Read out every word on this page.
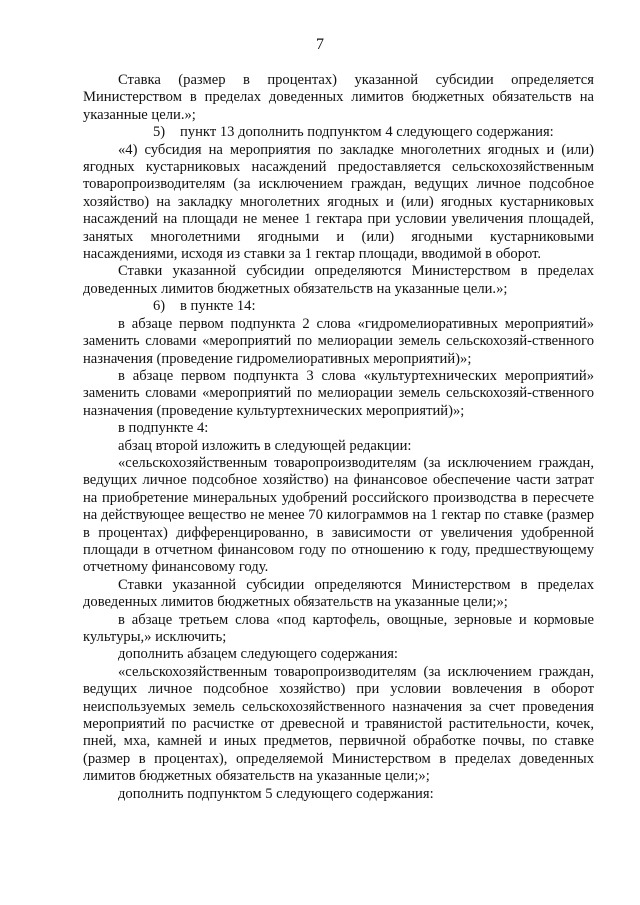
7

Ставка (размер в процентах) указанной субсидии определяется Министерством в пределах доведенных лимитов бюджетных обязательств на указанные цели.»;

5) пункт 13 дополнить подпунктом 4 следующего содержания:

«4) субсидия на мероприятия по закладке многолетних ягодных и (или) ягодных кустарниковых насаждений предоставляется сельскохозяйственным товаропроизводителям (за исключением граждан, ведущих личное подсобное хозяйство) на закладку многолетних ягодных и (или) ягодных кустарниковых насаждений на площади не менее 1 гектара при условии увеличения площадей, занятых многолетними ягодными и (или) ягодными кустарниковыми насаждениями, исходя из ставки за 1 гектар площади, вводимой в оборот.

Ставки указанной субсидии определяются Министерством в пределах доведенных лимитов бюджетных обязательств на указанные цели.»;

6) в пункте 14:

в абзаце первом подпункта 2 слова «гидромелиоративных мероприятий» заменить словами «мероприятий по мелиорации земель сельскохозяй-ственного назначения (проведение гидромелиоративных мероприятий)»;

в абзаце первом подпункта 3 слова «культуртехнических мероприятий» заменить словами «мероприятий по мелиорации земель сельскохозяй-ственного назначения (проведение культуртехнических мероприятий)»;

в подпункте 4:

абзац второй изложить в следующей редакции:

«сельскохозяйственным товаропроизводителям (за исключением граждан, ведущих личное подсобное хозяйство) на финансовое обеспечение части затрат на приобретение минеральных удобрений российского производства в пересчете на действующее вещество не менее 70 килограммов на 1 гектар по ставке (размер в процентах) дифференцированно, в зависимости от увеличения удобренной площади в отчетном финансовом году по отношению к году, предшествующему отчетному финансовому году.

Ставки указанной субсидии определяются Министерством в пределах доведенных лимитов бюджетных обязательств на указанные цели;»;

в абзаце третьем слова «под картофель, овощные, зерновые и кормовые культуры,» исключить;

дополнить абзацем следующего содержания:

«сельскохозяйственным товаропроизводителям (за исключением граждан, ведущих личное подсобное хозяйство) при условии вовлечения в оборот неиспользуемых земель сельскохозяйственного назначения за счет проведения мероприятий по расчистке от древесной и травянистой растительности, кочек, пней, мха, камней и иных предметов, первичной обработке почвы, по ставке (размер в процентах), определяемой Министерством в пределах доведенных лимитов бюджетных обязательств на указанные цели;»;

дополнить подпунктом 5 следующего содержания:
